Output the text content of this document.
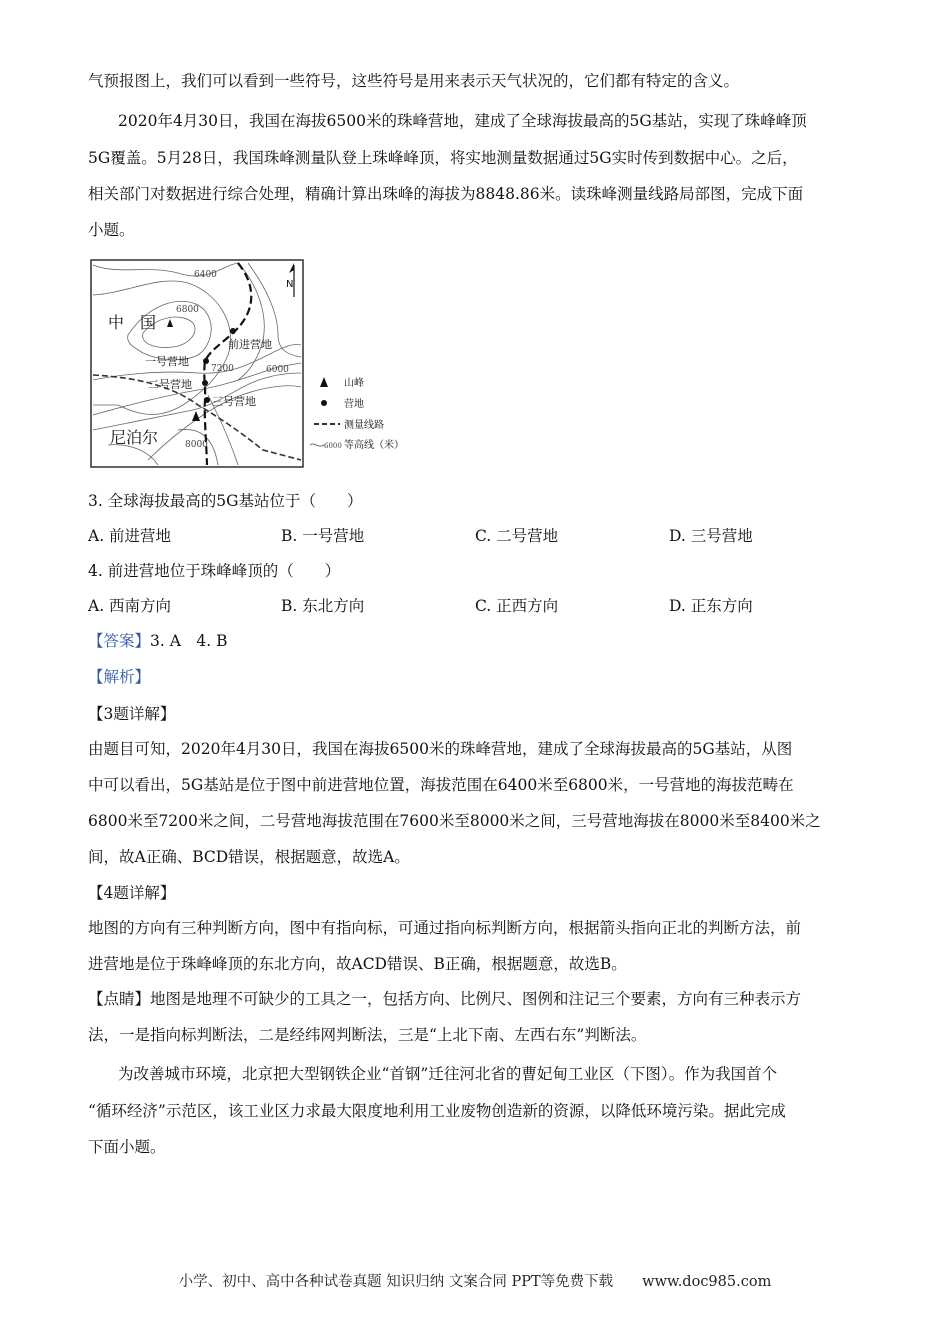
气预报图上，我们可以看到一些符号，这些符号是用来表示天气状况的，它们都有特定的含义。
2020年4月30日，我国在海拔6500米的珠峰营地，建成了全球海拔最高的5G基站，实现了珠峰峰顶
5G覆盖。5月28日，我国珠峰测量队登上珠峰峰顶，将实地测量数据通过5G实时传到数据中心。之后，
相关部门对数据进行综合处理，精确计算出珠峰的海拔为8848.86米。读珠峰测量线路局部图，完成下面
小题。
中　国
尼泊尔
6400
6800
7200	6000
8000
前进营地
一号营地
二号营地
三号营地
N
山峰
营地
测量线路
6000 等高线（米）
3. 全球海拔最高的5G基站位于（　　）
A. 前进营地	B. 一号营地	C. 二号营地	D. 三号营地
4. 前进营地位于珠峰峰顶的（　　）
A. 西南方向	B. 东北方向	C. 正西方向	D. 正东方向
【答案】3. A　4. B
【解析】
【3题详解】
由题目可知，2020年4月30日，我国在海拔6500米的珠峰营地，建成了全球海拔最高的5G基站，从图
中可以看出，5G基站是位于图中前进营地位置，海拔范围在6400米至6800米，一号营地的海拔范畴在
6800米至7200米之间，二号营地海拔范围在7600米至8000米之间，三号营地海拔在8000米至8400米之
间，故A正确、BCD错误，根据题意，故选A。
【4题详解】
地图的方向有三种判断方向，图中有指向标，可通过指向标判断方向，根据箭头指向正北的判断方法，前
进营地是位于珠峰峰顶的东北方向，故ACD错误、B正确，根据题意，故选B。
【点睛】地图是地理不可缺少的工具之一，包括方向、比例尺、图例和注记三个要素，方向有三种表示方
法，一是指向标判断法，二是经纬网判断法，三是“上北下南、左西右东”判断法。
为改善城市环境，北京把大型钢铁企业“首钢”迁往河北省的曹妃甸工业区（下图）。作为我国首个
“循环经济”示范区，该工业区力求最大限度地利用工业废物创造新的资源，以降低环境污染。据此完成
下面小题。
小学、初中、高中各种试卷真题 知识归纳 文案合同 PPT等免费下载　　www.doc985.com
